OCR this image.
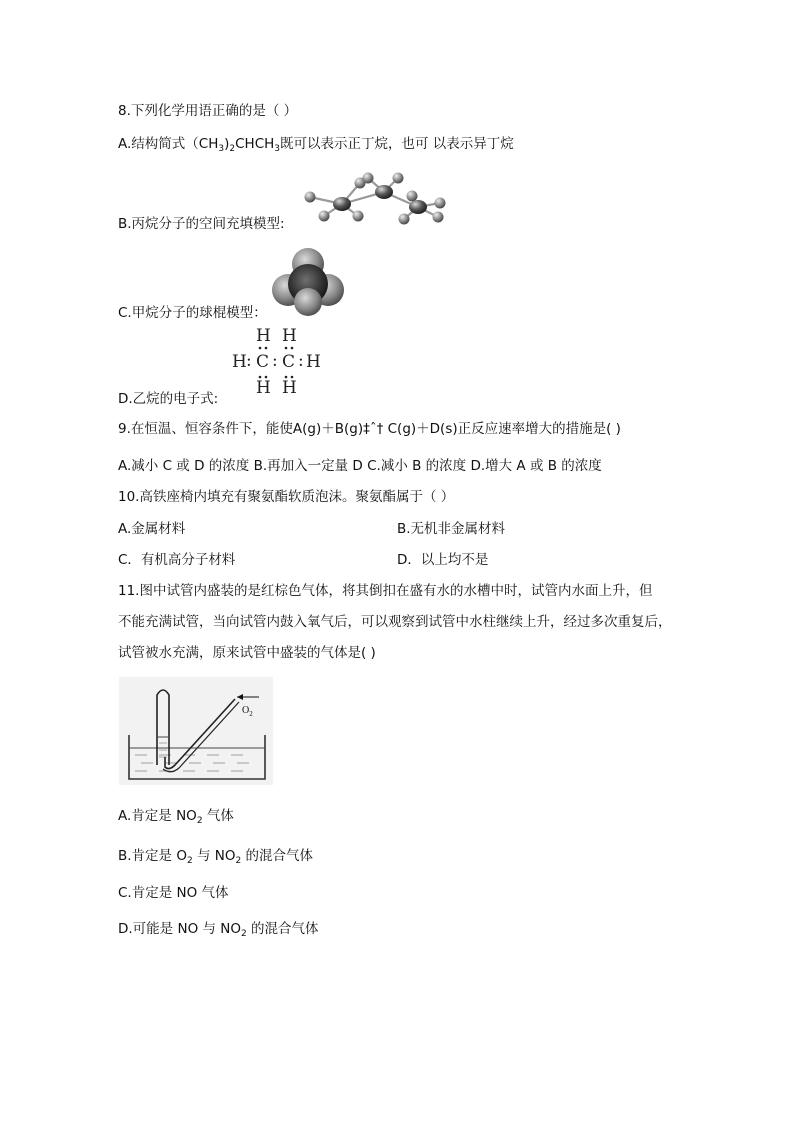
8.下列化学用语正确的是（ ）
A.结构简式$(CH_3)_2CHCH_3$既可以表示正丁烷，也可 以表示异丁烷
B.丙烷分子的空间充填模型:
C.甲烷分子的球棍模型：
H H
H : C : C : H
H H
D.乙烷的电子式:
9.在恒温、恒容条件下，能使A(g)＋B(g)‡ˆ† C(g)＋D(s)正反应速率增大的措施是( )
A.减小 C 或 D 的浓度 B.再加入一定量 D C.减小 B 的浓度 D.增大 A 或 B 的浓度
10.高铁座椅内填充有聚氨酯软质泡沫。聚氨酯属于（ ）
A.金属材料	B.无机非金属材料
C．有机高分子材料	D．以上均不是
11.图中试管内盛装的是红棕色气体，将其倒扣在盛有水的水槽中时，试管内水面上升，但
不能充满试管，当向试管内鼓入氧气后，可以观察到试管中水柱继续上升，经过多次重复后，
试管被水充满，原来试管中盛装的气体是( )
$O_2$
A.肯定是 $NO_2$ 气体
B.肯定是 $O_2$ 与 $NO_2$ 的混合气体
C.肯定是 NO 气体
D.可能是 NO 与 $NO_2$ 的混合气体
